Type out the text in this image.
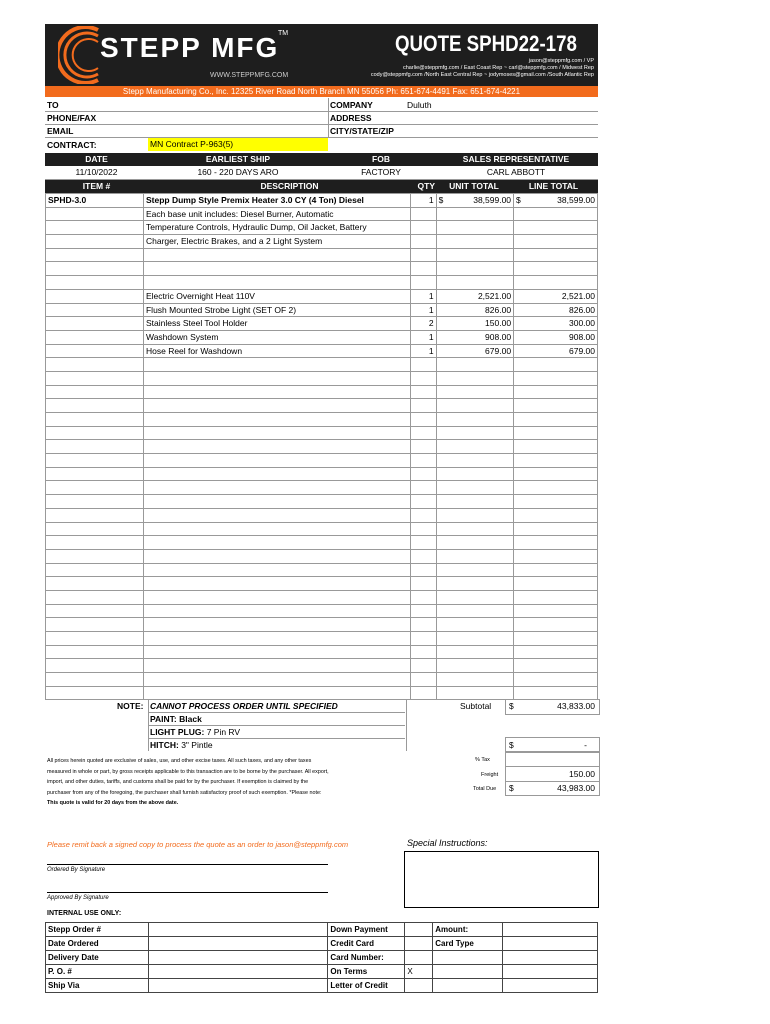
STEPP MFG
TM
WWW.STEPPMFG.COM
QUOTE SPHD22-178
jason@steppmfg.com / VP
charlie@steppmfg.com / East Coast Rep ~ carl@steppmfg.com / Midwest Rep
cody@steppmfg.com /North East Central Rep ~ jodymoses@gmail.com /South Atlantic Rep
Stepp Manufacturing Co., Inc. 12325 River Road North Branch MN 55056 Ph: 651-674-4491 Fax: 651-674-4221
TO
PHONE/FAX
EMAIL
CONTRACT:	MN Contract P-963(5)
COMPANY	Duluth
ADDRESS
CITY/STATE/ZIP
DATE	EARLIEST SHIP	FOB	SALES REPRESENTATIVE
11/10/2022	160 - 220 DAYS ARO	FACTORY	CARL ABBOTT
ITEM #	DESCRIPTION	QTY	UNIT TOTAL	LINE TOTAL
SPHD-3.0	Stepp Dump Style Premix Heater 3.0 CY (4 Ton) Diesel	1	$ 38,599.00	$ 38,599.00
	Each base unit includes: Diesel Burner, Automatic		

	Temperature Controls, Hydraulic Dump, Oil Jacket, Battery		

	Charger, Electric Brakes, and a 2 Light System		

	Electric Overnight Heat 110V	1	2,521.00	2,521.00
	Flush Mounted Strobe Light (SET OF 2)	1	826.00	826.00
	Stainless Steel Tool Holder	2	150.00	300.00
	Washdown System	1	908.00	908.00
	Hose Reel for Washdown	1	679.00	679.00

NOTE: CANNOT PROCESS ORDER UNTIL SPECIFIED
PAINT: Black
LIGHT PLUG: 7 Pin RV
HITCH: 3" Pintle
Subtotal $	43,833.00
$	-
% Tax
Freight	150.00
Total Due $	43,983.00
All prices herein quoted are exclusive of sales, use, and other excise taxes. All such taxes, and any other taxes
measured in whole or part, by gross receipts applicable to this transaction are to be borne by the purchaser. All export,
import, and other duties, tariffs, and customs shall be paid for by the purchaser. If exemption is claimed by the
purchaser from any of the foregoing, the purchaser shall furnish satisfactory proof of such exemption. *Please note:
This quote is valid for 20 days from the above date.
Please remit back a signed copy to process the quote as an order to jason@steppmfg.com	Special Instructions:
Ordered By Signature
Approved By Signature
INTERNAL USE ONLY:
Stepp Order #		Down Payment		Amount:	
Date Ordered		Credit Card		Card Type	
Delivery Date		Card Number:			
P. O. #		On Terms	X		
Ship Via		Letter of Credit			
